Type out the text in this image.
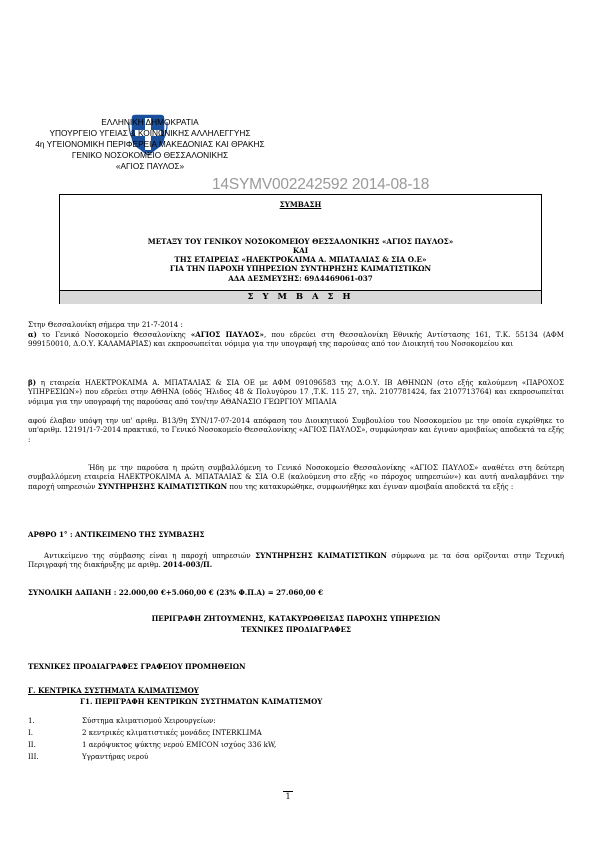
ΕΛΛΗΝΙΚΗ ΔΗΜΟΚΡΑΤΙΑ
ΥΠΟΥΡΓΕΙΟ ΥΓΕΙΑΣ & ΚΟΙΝΩΝΙΚΗΣ ΑΛΛΗΛΕΓΓΥΗΣ
4η ΥΓΕΙΟΝΟΜΙΚΗ ΠΕΡΙΦΕΡΕΙΑ ΜΑΚΕΔΟΝΙΑΣ ΚΑΙ ΘΡΑΚΗΣ
ΓΕΝΙΚΟ ΝΟΣΟΚΟΜΕΙΟ ΘΕΣΣΑΛΟΝΙΚΗΣ
«ΑΓΙΟΣ ΠΑΥΛΟΣ»
14SYMV002242592 2014-08-18
ΣΥΜΒΑΣΗ
ΜΕΤΑΞΥ ΤΟΥ ΓΕΝΙΚΟΥ ΝΟΣΟΚΟΜΕΙΟΥ ΘΕΣΣΑΛΟΝΙΚΗΣ «ΑΓΙΟΣ ΠΑΥΛΟΣ»
ΚΑΙ
ΤΗΣ ΕΤΑΙΡΕΙΑΣ «ΗΛΕΚΤΡΟΚΛΙΜΑ Α. ΜΠΑΤΑΛΙΑΣ & ΣΙΑ Ο.Ε»
ΓΙΑ ΤΗΝ ΠΑΡΟΧΗ ΥΠΗΡΕΣΙΩΝ ΣΥΝΤΗΡΗΣΗΣ ΚΛΙΜΑΤΙΣΤΙΚΩΝ
ΑΔΑ ΔΕΣΜΕΥΣΗΣ: 69Δ4469061-037
Σ Υ Μ Β Α Σ Η
Στην Θεσσαλονίκη σήμερα την 21-7-2014 :
α) το Γενικό Νοσοκομείο Θεσσαλονίκης «ΑΓΙΟΣ ΠΑΥΛΟΣ», που εδρεύει στη Θεσσαλονίκη Εθνικής Αντίστασης 161, Τ.Κ. 55134 (ΑΦΜ 999150010, Δ.Ο.Υ. ΚΑΛΑΜΑΡΙΑΣ) και εκπροσωπείται νόμιμα για την υπογραφή της παρούσας από τον Διοικητή του Νοσοκομείου και
β) η εταιρεία ΗΛΕΚΤΡΟΚΛΙΜΑ Α. ΜΠΑΤΑΛΙΑΣ & ΣΙΑ ΟΕ με ΑΦΜ 091096583 της Δ.Ο.Υ. ΙΒ ΑΘΗΝΩΝ (στο εξής καλούμενη «ΠΑΡΟΧΟΣ ΥΠΗΡΕΣΙΩΝ») που εδρεύει στην ΑΘΗΝΑ (οδός Ήλιδος 48 & Πολυγύρου 17 ,Τ.Κ. 115 27, τηλ. 2107781424, fax 2107713764) και εκπροσωπείται νόμιμα για την υπογραφή της παρούσας από τον/την ΑΘΑΝΑΣΙΟ ΓΕΩΡΓΙΟΥ ΜΠΑΛΙΑ
αφού έλαβαν υπόψη την υπ' αριθμ. Β13/9η ΣΥΝ/17-07-2014 απόφαση του Διοικητικού Συμβουλίου του Νοσοκομείου με την οποία εγκρίθηκε το υπ'αριθμ. 12191/1-7-2014 πρακτικό, το Γενικό Νοσοκομείο Θεσσαλονίκης «ΑΓΙΟΣ ΠΑΥΛΟΣ», συμφώνησαν και έγιναν αμοιβαίως αποδεκτά τα εξής :
Ήδη με την παρούσα η πρώτη συμβαλλόμενη το Γενικό Νοσοκομείο Θεσσαλονίκης «ΑΓΙΟΣ ΠΑΥΛΟΣ» αναθέτει στη δεύτερη συμβαλλόμενη εταιρεία ΗΛΕΚΤΡΟΚΛΙΜΑ Α. ΜΠΑΤΑΛΙΑΣ & ΣΙΑ Ο.Ε (καλούμενη στο εξής «ο πάροχος υπηρεσιών») και αυτή αναλαμβάνει την παροχή υπηρεσιών ΣΥΝΤΗΡΗΣΗΣ ΚΛΙΜΑΤΙΣΤΙΚΩΝ που της κατακυρώθηκε, συμφωνήθηκε και έγιναν αμοιβαία αποδεκτά τα εξής :
ΑΡΘΡΟ 1° : ΑΝΤΙΚΕΙΜΕΝΟ ΤΗΣ ΣΥΜΒΑΣΗΣ
Αντικείμενο της σύμβασης είναι η παροχή υπηρεσιών ΣΥΝΤΗΡΗΣΗΣ ΚΛΙΜΑΤΙΣΤΙΚΩΝ σύμφωνα με τα όσα ορίζονται στην Τεχνική Περιγραφή της διακήρυξης με αριθμ. 2014-003/Π.
ΣΥΝΟΛΙΚΗ ΔΑΠΑΝΗ : 22.000,00 €+5.060,00 € (23% Φ.Π.Α) = 27.060,00 €
ΠΕΡΙΓΡΑΦΗ ΖΗΤΟΥΜΕΝΗΣ, ΚΑΤΑΚΥΡΩΘΕΙΣΑΣ ΠΑΡΟΧΗΣ ΥΠΗΡΕΣΙΩΝ
ΤΕΧΝΙΚΕΣ ΠΡΟΔΙΑΓΡΑΦΕΣ
ΤΕΧΝΙΚΕΣ ΠΡΟΔΙΑΓΡΑΦΕΣ ΓΡΑΦΕΙΟΥ ΠΡΟΜΗΘΕΙΩΝ
Γ. ΚΕΝΤΡΙΚΑ ΣΥΣΤΗΜΑΤΑ ΚΛΙΜΑΤΙΣΜΟΥ
Γ1. ΠΕΡΙΓΡΑΦΗ ΚΕΝΤΡΙΚΩΝ ΣΥΣΤΗΜΑΤΩΝ ΚΛΙΜΑΤΙΣΜΟΥ
1.	Σύστημα κλιματισμού Χειρουργείων:
I.	2 κεντρικές κλιματιστικές μονάδες INTERKLIMA
II.	1 αερόψυκτος ψύκτης νερού EMICON ισχύος 336 kW,
III.	Υγραντήρας νερού
1
